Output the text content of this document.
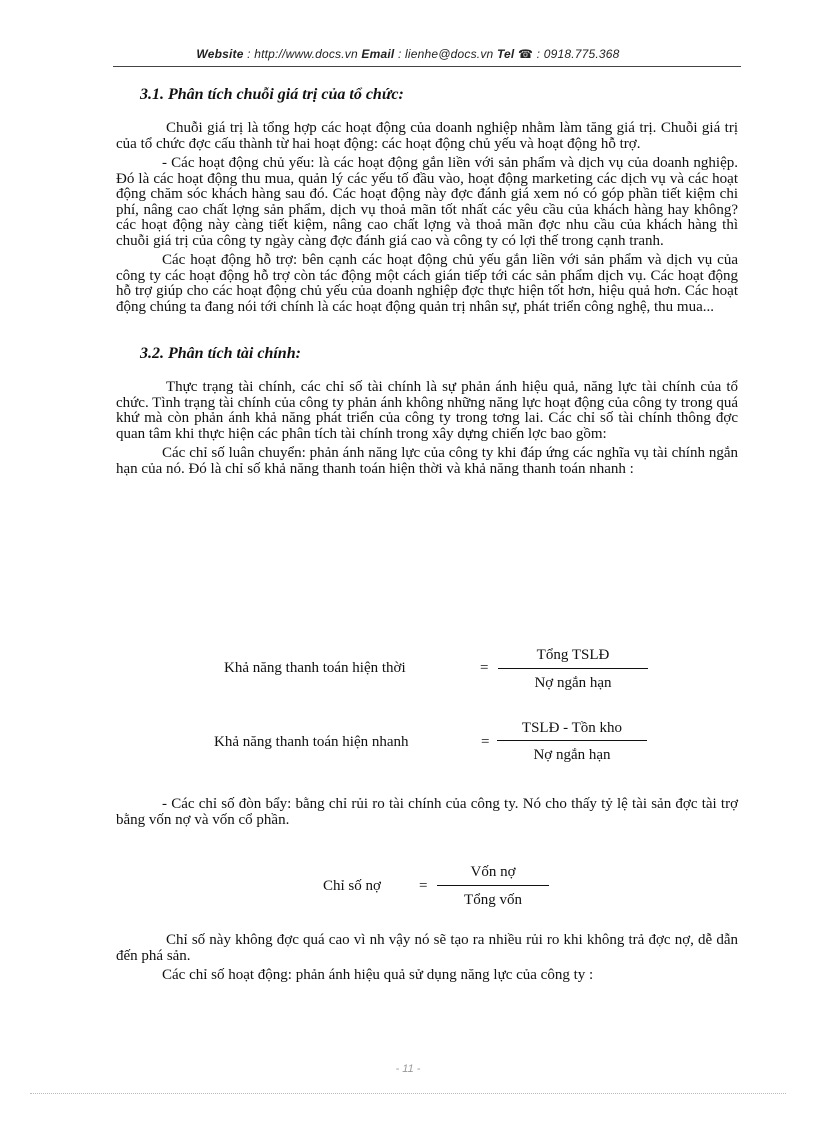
Website : http://www.docs.vn Email : lienhe@docs.vn Tel ☎ : 0918.775.368
3.1. Phân tích chuỗi giá trị của tổ chức:

Chuỗi giá trị là tổng hợp các hoạt động của doanh nghiệp nhằm làm tăng giá trị. Chuỗi giá trị của tổ chức đợc cấu thành từ hai hoạt động: các hoạt động chủ yếu và hoạt động hỗ trợ.

- Các hoạt động chủ yếu: là các hoạt động gắn liền với sản phẩm và dịch vụ của doanh nghiệp. Đó là các hoạt động thu mua, quản lý các yếu tố đầu vào, hoạt động marketing các dịch vụ và các hoạt động chăm sóc khách hàng sau đó. Các hoạt động này đợc đánh giá xem nó có góp phần tiết kiệm chi phí, nâng cao chất lợng sản phẩm, dịch vụ thoả mãn tốt nhất các yêu cầu của khách hàng hay không? các hoạt động này càng tiết kiệm, nâng cao chất lợng và thoả mãn đợc nhu cầu của khách hàng thì chuỗi giá trị của công ty ngày càng đợc đánh giá cao và công ty có lợi thế trong cạnh tranh.

Các hoạt động hỗ trợ: bên cạnh các hoạt động chủ yếu gắn liền với sản phẩm và dịch vụ của công ty các hoạt động hỗ trợ còn tác động một cách gián tiếp tới các sản phẩm dịch vụ. Các hoạt động hỗ trợ giúp cho các hoạt động chủ yếu của doanh nghiệp đợc thực hiện tốt hơn, hiệu quả hơn. Các hoạt động chúng ta đang nói tới chính là các hoạt động quản trị nhân sự, phát triển công nghệ, thu mua...

3.2. Phân tích tài chính:

Thực trạng tài chính, các chỉ số tài chính là sự phản ánh hiệu quả, năng lực tài chính của tổ chức. Tình trạng tài chính của công ty phản ánh không những năng lực hoạt động của công ty trong quá khứ mà còn phản ánh khả năng phát triển của công ty trong tơng lai. Các chỉ số tài chính thông đợc quan tâm khi thực hiện các phân tích tài chính trong xây dựng chiến lợc bao gồm:

Các chỉ số luân chuyển: phản ánh năng lực của công ty khi đáp ứng các nghĩa vụ tài chính ngắn hạn của nó. Đó là chỉ số khả năng thanh toán hiện thời và khả năng thanh toán nhanh :

Khả năng thanh toán hiện thời	=
Tổng TSLĐ
Nợ ngắn hạn
Khả năng thanh toán hiện nhanh	=
TSLĐ - Tồn kho
Nợ ngắn hạn

- Các chỉ số đòn bẩy: bằng chỉ rủi ro tài chính của công ty. Nó cho thấy tỷ lệ tài sản đợc tài trợ bằng vốn nợ và vốn cổ phần.

Chỉ số nợ	=
Vốn nợ
Tổng vốn

Chỉ số này không đợc quá cao vì nh vậy nó sẽ tạo ra nhiều rủi ro khi không trả đợc nợ, dễ dẫn đến phá sản.

Các chỉ số hoạt động: phản ánh hiệu quả sử dụng năng lực của công ty :

- 11 -
